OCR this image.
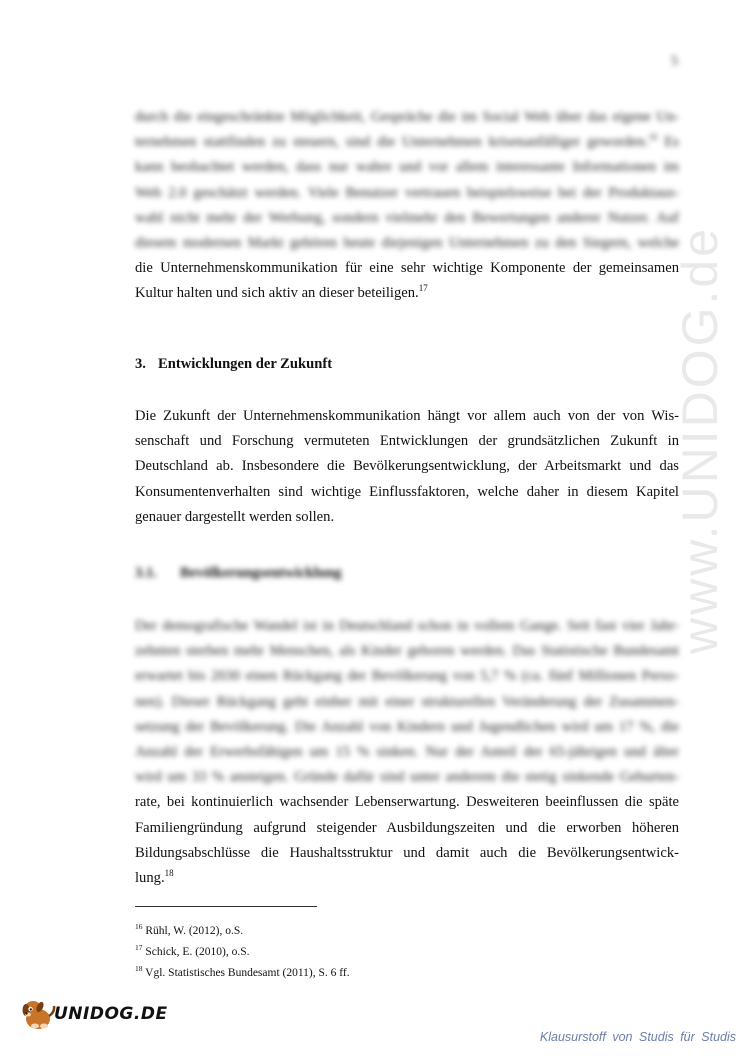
5
durch die eingeschränkte Möglichkeit, Gespräche die im Social Web über das eigene Un-
ternehmen stattfinden zu steuern, sind die Unternehmen krisenanfälliger geworden.$^{16}$ Es
kann beobachtet werden, dass nur wahre und vor allem interessante Informationen im
Web 2.0 geschätzt werden. Viele Benutzer vertrauen beispielsweise bei der Produktaus-
wahl nicht mehr der Werbung, sondern vielmehr den Bewertungen anderer Nutzer. Auf
diesem modernen Markt gehören heute diejenigen Unternehmen zu den Siegern, welche
die Unternehmenskommunikation für eine sehr wichtige Komponente der gemeinsamen
Kultur halten und sich aktiv an dieser beteiligen.$^{17}$
3. Entwicklungen der Zukunft
Die Zukunft der Unternehmenskommunikation hängt vor allem auch von der von Wis-
senschaft und Forschung vermuteten Entwicklungen der grundsätzlichen Zukunft in
Deutschland ab. Insbesondere die Bevölkerungsentwicklung, der Arbeitsmarkt und das
Konsumentenverhalten sind wichtige Einflussfaktoren, welche daher in diesem Kapitel
genauer dargestellt werden sollen.
3.1. Bevölkerungsentwicklung
Der demografische Wandel ist in Deutschland schon in vollem Gange. Seit fast vier Jahr-
zehnten sterben mehr Menschen, als Kinder geboren werden. Das Statistische Bundesamt
erwartet bis 2030 einen Rückgang der Bevölkerung von 5,7 % (ca. fünf Millionen Perso-
nen). Dieser Rückgang geht einher mit einer strukturellen Veränderung der Zusammen-
setzung der Bevölkerung. Die Anzahl von Kindern und Jugendlichen wird um 17 %, die
Anzahl der Erwerbsfähigen um 15 % sinken. Nur der Anteil der 65-jährigen und älter
wird um 33 % ansteigen. Gründe dafür sind unter anderem die stetig sinkende Geburten-
rate, bei kontinuierlich wachsender Lebenserwartung. Desweiteren beeinflussen die späte
Familiengründung aufgrund steigender Ausbildungszeiten und die erworben höheren
Bildungsabschlüsse die Haushaltsstruktur und damit auch die Bevölkerungsentwick-
lung.$^{18}$
$^{16}$ Rühl, W. (2012), o.S.
$^{17}$ Schick, E. (2010), o.S.
$^{18}$ Vgl. Statistisches Bundesamt (2011), S. 6 ff.
www.UNIDOG.de
UNIDOG.DE
Klausurstoff von Studis für Studis
